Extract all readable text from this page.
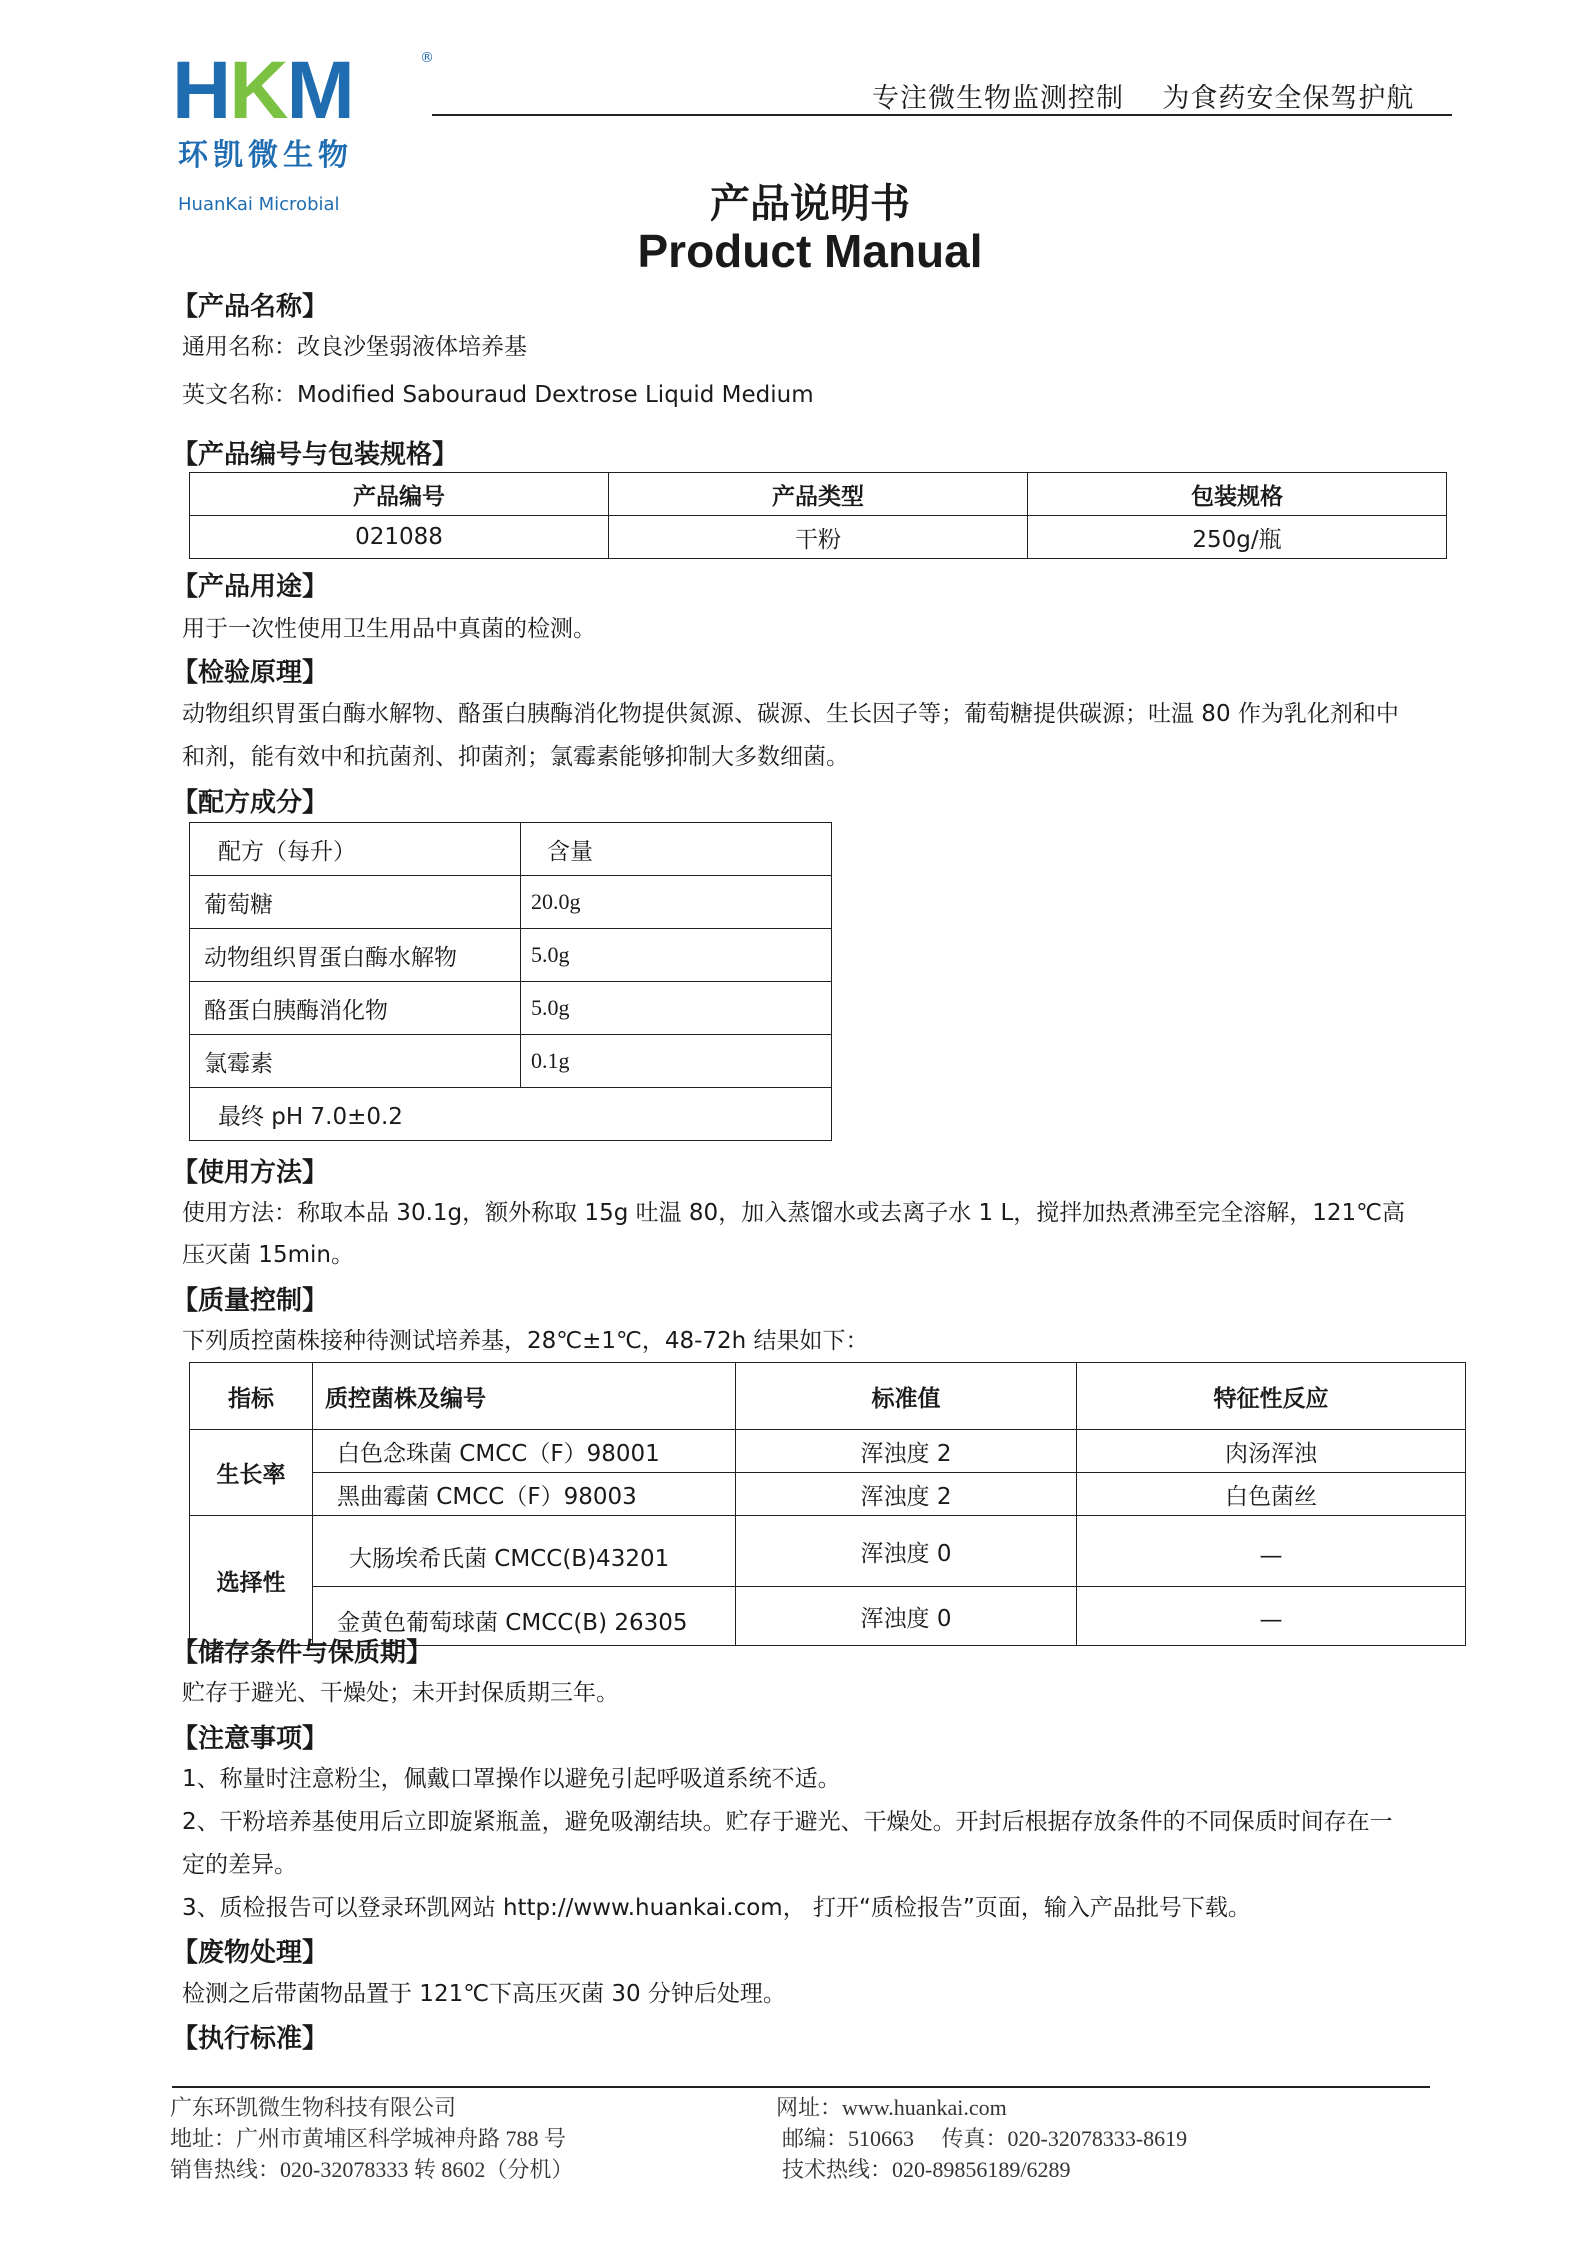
HKM	®
环凯微生物
HuanKai Microbial
专注微生物监测控制    为食药安全保驾护航
产品说明书
Product Manual
【产品名称】
通用名称：改良沙堡弱液体培养基
英文名称：Modified Sabouraud Dextrose Liquid Medium
【产品编号与包装规格】
产品编号	产品类型	包装规格
021088	干粉	250g/瓶
【产品用途】
用于一次性使用卫生用品中真菌的检测。
【检验原理】
动物组织胃蛋白酶水解物、酪蛋白胰酶消化物提供氮源、碳源、生长因子等；葡萄糖提供碳源；吐温 80 作为乳化剂和中
和剂，能有效中和抗菌剂、抑菌剂；氯霉素能够抑制大多数细菌。
【配方成分】
配方（每升）	含量
葡萄糖	20.0g
动物组织胃蛋白酶水解物	5.0g
酪蛋白胰酶消化物	5.0g
氯霉素	0.1g
最终 pH 7.0±0.2	
【使用方法】
使用方法：称取本品 30.1g，额外称取 15g 吐温 80，加入蒸馏水或去离子水 1 L，搅拌加热煮沸至完全溶解，121℃高
压灭菌 15min。
【质量控制】
下列质控菌株接种待测试培养基，28℃±1℃，48-72h 结果如下：
指标	质控菌株及编号	标准值	特征性反应
生长率	白色念珠菌 CMCC（F）98001	浑浊度 2	肉汤浑浊
	黑曲霉菌 CMCC（F）98003	浑浊度 2	白色菌丝
选择性	大肠埃希氏菌 CMCC(B)43201	浑浊度 0	—
	金黄色葡萄球菌 CMCC(B) 26305	浑浊度 0	—
【储存条件与保质期】
贮存于避光、干燥处；未开封保质期三年。
【注意事项】
1、称量时注意粉尘，佩戴口罩操作以避免引起呼吸道系统不适。
2、干粉培养基使用后立即旋紧瓶盖，避免吸潮结块。贮存于避光、干燥处。开封后根据存放条件的不同保质时间存在一
定的差异。
3、质检报告可以登录环凯网站 http://www.huankai.com， 打开“质检报告”页面，输入产品批号下载。
【废物处理】
检测之后带菌物品置于 121℃下高压灭菌 30 分钟后处理。
【执行标准】
广东环凯微生物科技有限公司
地址：广州市黄埔区科学城神舟路 788 号
销售热线：020-32078333 转 8602（分机）
网址：www.huankai.com
邮编：510663     传真：020-32078333-8619
技术热线：020-89856189/6289
